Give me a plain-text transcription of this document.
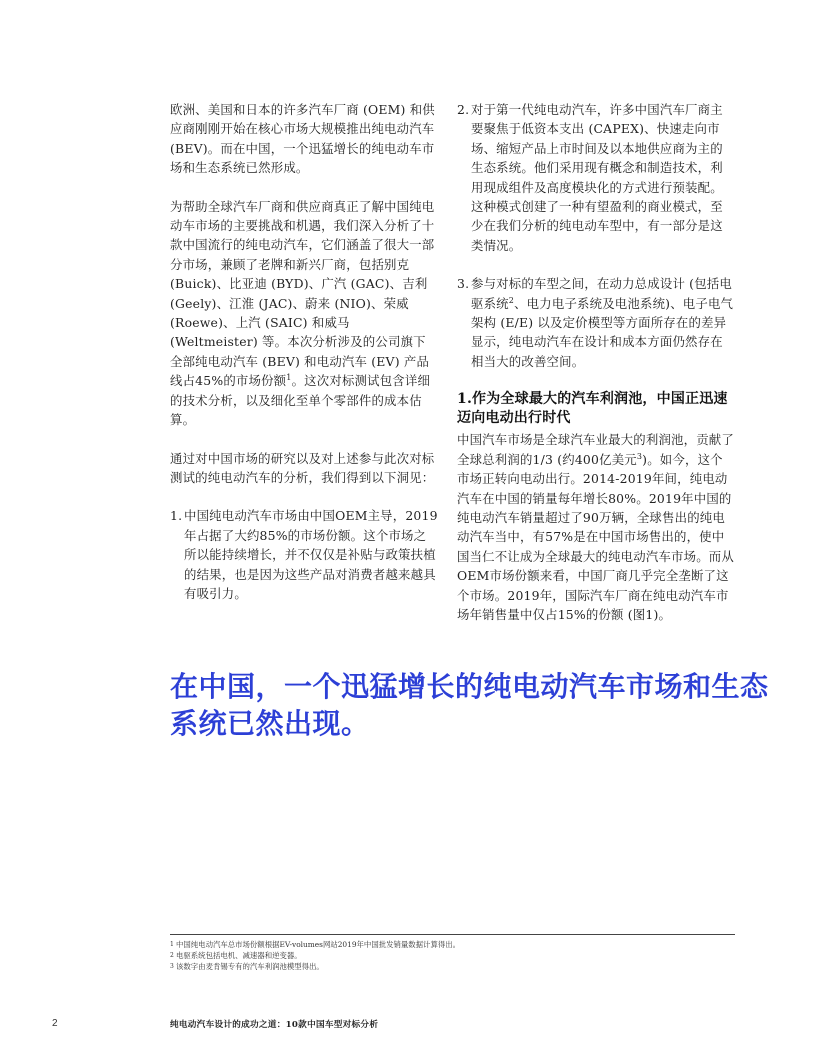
欧洲、美国和日本的许多汽车厂商 (OEM) 和供应商刚刚开始在核心市场大规模推出纯电动汽车 (BEV)。而在中国，一个迅猛增长的纯电动车市场和生态系统已然形成。

为帮助全球汽车厂商和供应商真正了解中国纯电动车市场的主要挑战和机遇，我们深入分析了十款中国流行的纯电动汽车，它们涵盖了很大一部分市场，兼顾了老牌和新兴厂商，包括别克 (Buick)、比亚迪 (BYD)、广汽 (GAC)、吉利 (Geely)、江淮 (JAC)、蔚来 (NIO)、荣威 (Roewe)、上汽 (SAIC) 和威马 (Weltmeister) 等。本次分析涉及的公司旗下全部纯电动汽车 (BEV) 和电动汽车 (EV) 产品线占45%的市场份额$^1$。这次对标测试包含详细的技术分析，以及细化至单个零部件的成本估算。

通过对中国市场的研究以及对上述参与此次对标测试的纯电动汽车的分析，我们得到以下洞见：

1. 中国纯电动汽车市场由中国OEM主导，2019年占据了大约85%的市场份额。这个市场之所以能持续增长，并不仅仅是补贴与政策扶植的结果，也是因为这些产品对消费者越来越具有吸引力。
2. 对于第一代纯电动汽车，许多中国汽车厂商主要聚焦于低资本支出 (CAPEX)、快速走向市场、缩短产品上市时间及以本地供应商为主的生态系统。他们采用现有概念和制造技术，利用现成组件及高度模块化的方式进行预装配。这种模式创建了一种有望盈利的商业模式，至少在我们分析的纯电动车型中，有一部分是这类情况。
3. 参与对标的车型之间，在动力总成设计 (包括电驱系统$^2$、电力电子系统及电池系统)、电子电气架构 (E/E) 以及定价模型等方面所存在的差异显示，纯电动汽车在设计和成本方面仍然存在相当大的改善空间。
1.作为全球最大的汽车利润池，中国正迅速迈向电动出行时代

中国汽车市场是全球汽车业最大的利润池，贡献了全球总利润的1/3 (约400亿美元$^3$)。如今，这个市场正转向电动出行。2014-2019年间，纯电动汽车在中国的销量每年增长80%。2019年中国的纯电动汽车销量超过了90万辆，全球售出的纯电动汽车当中，有57%是在中国市场售出的，使中国当仁不让成为全球最大的纯电动汽车市场。而从OEM市场份额来看，中国厂商几乎完全垄断了这个市场。2019年，国际汽车厂商在纯电动汽车市场年销售量中仅占15%的份额 (图1)。

在中国，一个迅猛增长的纯电动汽车市场和生态系统已然出现。
1 中国纯电动汽车总市场份额根据EV-volumes网站2019年中国批发销量数据计算得出。
2 电驱系统包括电机、减速器和逆变器。
3 该数字由麦肯锡专有的汽车利润池模型得出。
2	纯电动汽车设计的成功之道：10款中国车型对标分析
